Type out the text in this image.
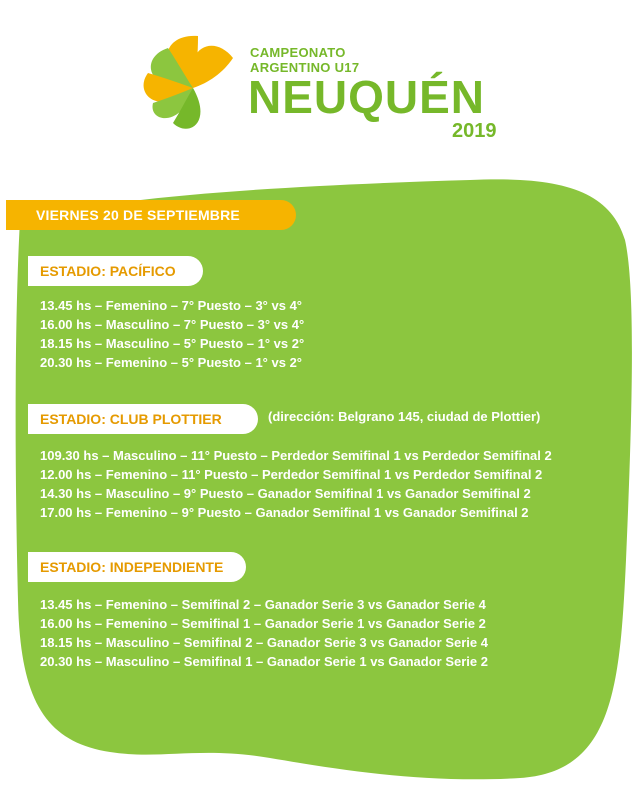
CAMPEONATO
ARGENTINO U17
NEUQUÉN
2019
VIERNES 20 DE SEPTIEMBRE
ESTADIO: PACÍFICO
13.45 hs – Femenino – 7° Puesto – 3° vs 4°
16.00 hs – Masculino – 7° Puesto – 3° vs 4°
18.15 hs – Masculino – 5° Puesto – 1° vs 2°
20.30 hs – Femenino – 5° Puesto – 1° vs 2°
ESTADIO: CLUB PLOTTIER	(dirección: Belgrano 145, ciudad de Plottier)
109.30 hs – Masculino – 11° Puesto – Perdedor Semifinal 1 vs Perdedor Semifinal 2
12.00 hs – Femenino – 11° Puesto – Perdedor Semifinal 1 vs Perdedor Semifinal 2
14.30 hs – Masculino – 9° Puesto – Ganador Semifinal 1 vs Ganador Semifinal 2
17.00 hs – Femenino – 9° Puesto – Ganador Semifinal 1 vs Ganador Semifinal 2
ESTADIO: INDEPENDIENTE
13.45 hs – Femenino – Semifinal 2 – Ganador Serie 3 vs Ganador Serie 4
16.00 hs – Femenino – Semifinal 1 – Ganador Serie 1 vs Ganador Serie 2
18.15 hs – Masculino – Semifinal 2 – Ganador Serie 3 vs Ganador Serie 4
20.30 hs – Masculino – Semifinal 1 – Ganador Serie 1 vs Ganador Serie 2
